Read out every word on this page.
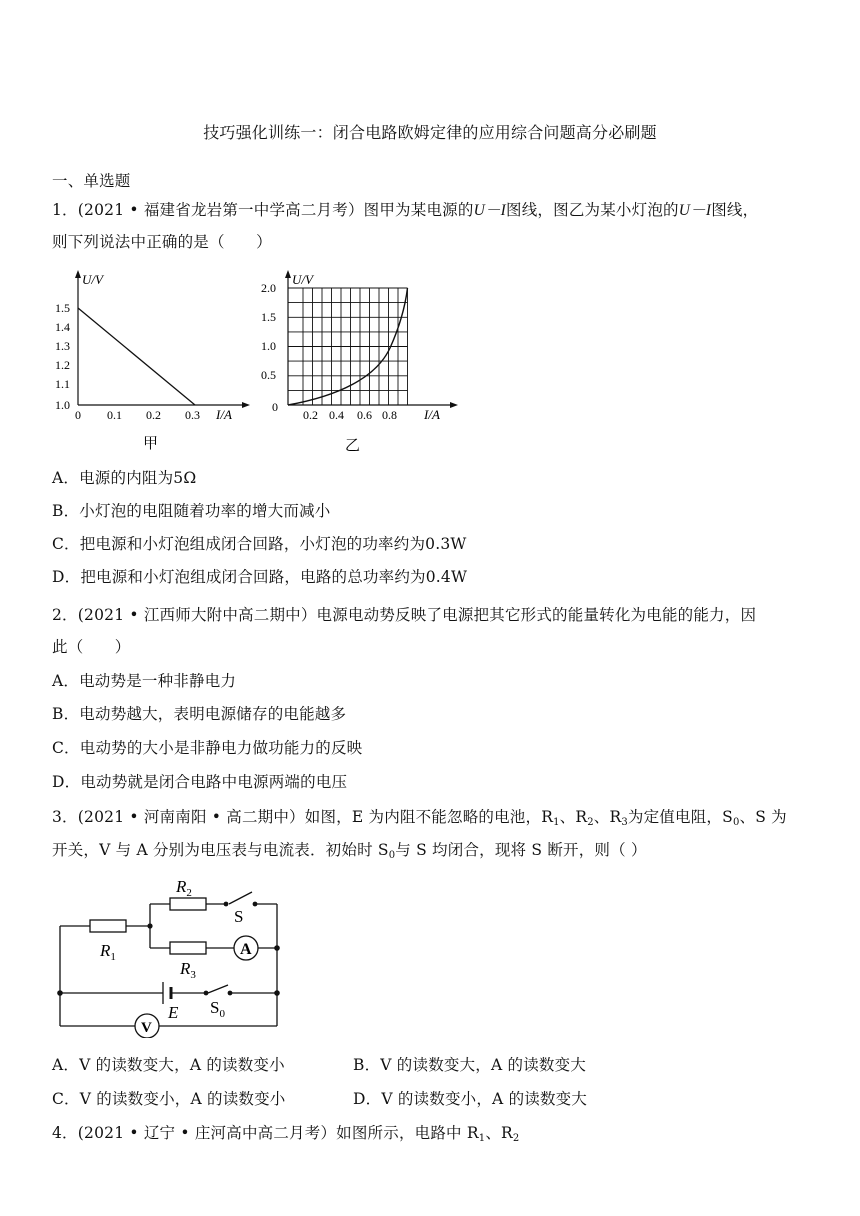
技巧强化训练一：闭合电路欧姆定律的应用综合问题高分必刷题
一、单选题
1．(2021 • 福建省龙岩第一中学高二月考）图甲为某电源的U－I图线，图乙为某小灯泡的U－I图线，
则下列说法中正确的是（　　）
U/V
1.5
1.4
1.3
1.2
1.1
1.0
0 0.1 0.2 0.3 I/A
甲
U/V
2.0
1.5
1.0
0.5
0
0.2 0.4 0.6 0.8 I/A
乙
A．电源的内阻为5Ω
B．小灯泡的电阻随着功率的增大而减小
C．把电源和小灯泡组成闭合回路，小灯泡的功率约为0.3W
D．把电源和小灯泡组成闭合回路，电路的总功率约为0.4W
2．(2021 • 江西师大附中高二期中）电源电动势反映了电源把其它形式的能量转化为电能的能力，因
此（　　）
A．电动势是一种非静电力
B．电动势越大，表明电源储存的电能越多
C．电动势的大小是非静电力做功能力的反映
D．电动势就是闭合电路中电源两端的电压
3．(2021 • 河南南阳 • 高二期中）如图，E 为内阻不能忽略的电池，$R_1$、$R_2$、$R_3$为定值电阻，$S_0$、S 为
开关，V 与 A 分别为电压表与电流表．初始时 $S_0$与 S 均闭合，现将 S 断开，则（ ）
$R_2$
S
$R_1$
$R_3$
A
$S_0$
E
V
A．V 的读数变大，A 的读数变小	B．V 的读数变大，A 的读数变大
C．V 的读数变小，A 的读数变小	D．V 的读数变小，A 的读数变大
4．(2021 • 辽宁 • 庄河高中高二月考）如图所示，电路中 $R_1$、$R_2$
